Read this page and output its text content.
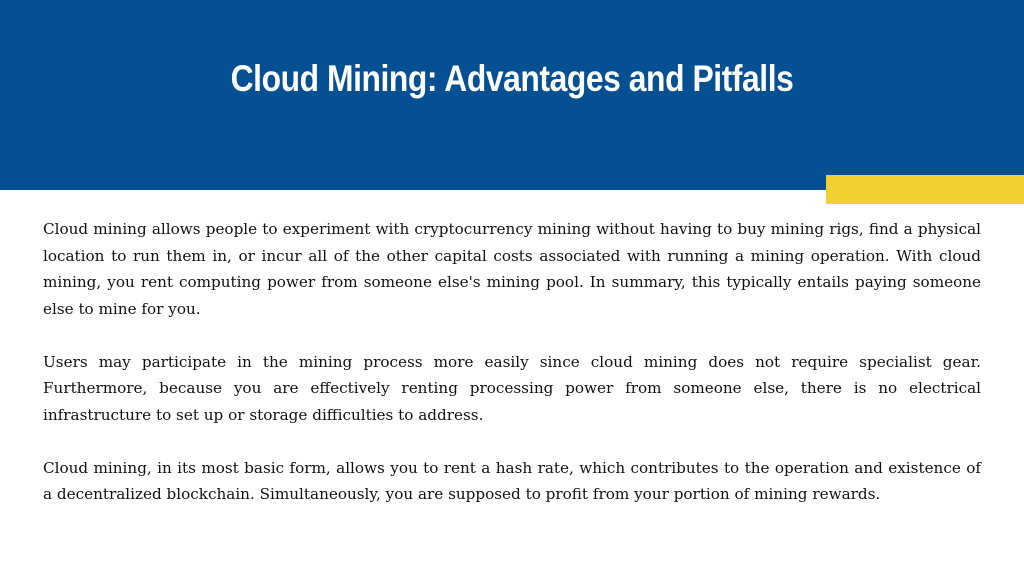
Cloud Mining: Advantages and Pitfalls

Cloud mining allows people to experiment with cryptocurrency mining without having to buy mining rigs, find a physical location to run them in, or incur all of the other capital costs associated with running a mining operation. With cloud mining, you rent computing power from someone else's mining pool. In summary, this typically entails paying someone else to mine for you.

Users may participate in the mining process more easily since cloud mining does not require specialist gear. Furthermore, because you are effectively renting processing power from someone else, there is no electrical infrastructure to set up or storage difficulties to address.

Cloud mining, in its most basic form, allows you to rent a hash rate, which contributes to the operation and existence of a decentralized blockchain. Simultaneously, you are supposed to profit from your portion of mining rewards.
